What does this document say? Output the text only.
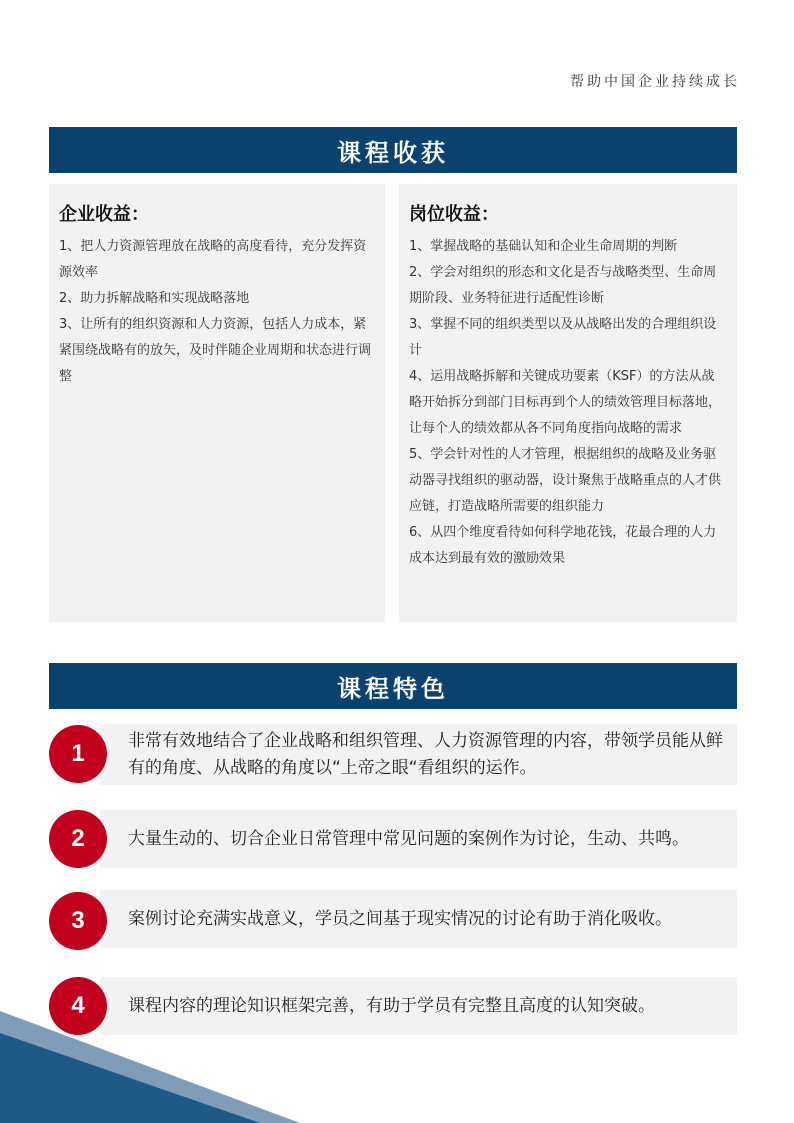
帮助中国企业持续成长
课程收获
企业收益：
1、把人力资源管理放在战略的高度看待，充分发挥资源效率
2、助力拆解战略和实现战略落地
3、让所有的组织资源和人力资源，包括人力成本，紧紧围绕战略有的放矢，及时伴随企业周期和状态进行调整
岗位收益：
1、掌握战略的基础认知和企业生命周期的判断
2、学会对组织的形态和文化是否与战略类型、生命周期阶段、业务特征进行适配性诊断
3、掌握不同的组织类型以及从战略出发的合理组织设计
4、运用战略拆解和关键成功要素（KSF）的方法从战略开始拆分到部门目标再到个人的绩效管理目标落地，让每个人的绩效都从各不同角度指向战略的需求
5、学会针对性的人才管理，根据组织的战略及业务驱动器寻找组织的驱动器，设计聚焦于战略重点的人才供应链，打造战略所需要的组织能力
6、从四个维度看待如何科学地花钱，花最合理的人力成本达到最有效的激励效果
课程特色
非常有效地结合了企业战略和组织管理、人力资源管理的内容，带领学员能从鲜有的角度、从战略的角度以“上帝之眼“看组织的运作。
1
大量生动的、切合企业日常管理中常见问题的案例作为讨论，生动、共鸣。
2
案例讨论充满实战意义，学员之间基于现实情况的讨论有助于消化吸收。
3
课程内容的理论知识框架完善，有助于学员有完整且高度的认知突破。
4
